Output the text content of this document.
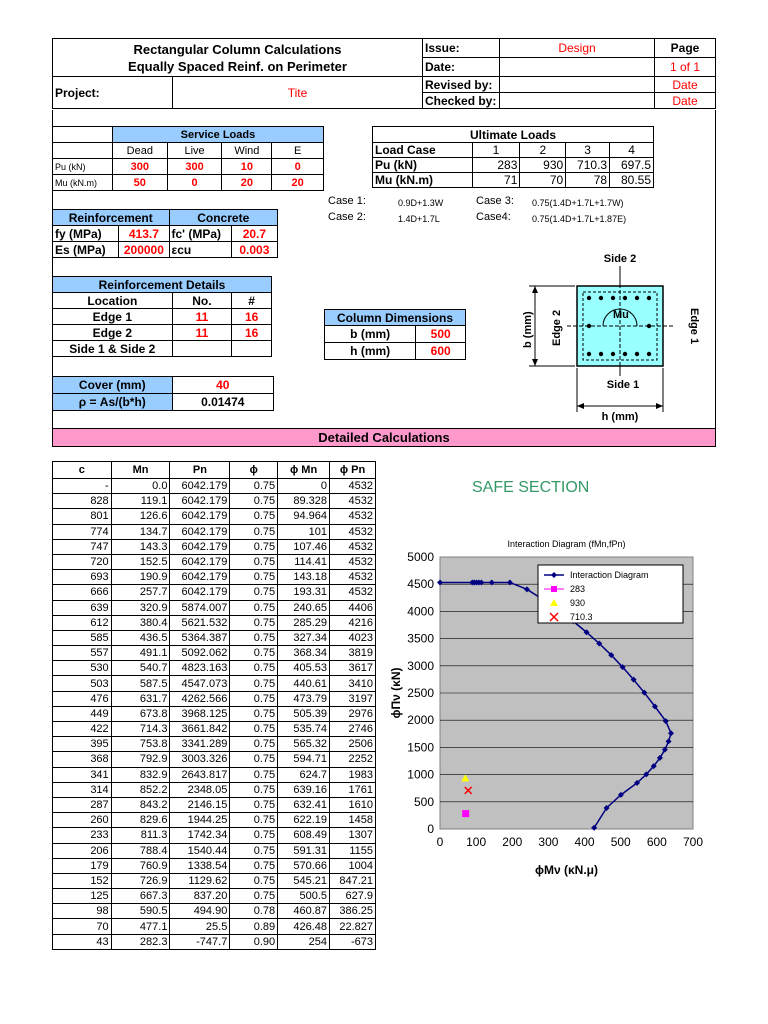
Rectangular Column Calculations
Equally Spaced Reinf. on Perimeter		Issue:	Design	Page
		Date:		1 of 1
Project:	Tite	Revised by:		Date
		Checked by:		Date
	Service Loads			
	Dead	Live	Wind	E
Pu (kN)	300	300	10	0
Mu (kN.m)	50	0	20	20
Ultimate Loads				
Load Case	1	2	3	4
Pu (kN)	283	930	710.3	697.5
Mu (kN.m)	71	70	78	80.55
Case 1:	0.9D+1.3W
Case 2:	1.4D+1.7L
Case 3: 0.75(1.4D+1.7L+1.7W)
Case4: 0.75(1.4D+1.7L+1.87E)
Reinforcement		Concrete	
fy (MPa)	413.7	fc' (MPa)	20.7
Es (MPa)	200000	εcu	0.003
Reinforcement Details		
Location	No.	#
Edge 1	11	16
Edge 2	11	16
Side 1 & Side 2		
Column Dimensions	
b (mm)	500
h (mm)	600
Cover (mm)	40
ρ = As/(b*h)	0.01474
Side 2
Mu
Edge 2	Edge 1
b (mm)
Side 1
h (mm)
Detailed Calculations
c	Mn	Pn	ϕ	ϕ Mn	ϕ Pn
-	0.0	6042.179	0.75	0	4532
828	119.1	6042.179	0.75	89.328	4532
801	126.6	6042.179	0.75	94.964	4532
774	134.7	6042.179	0.75	101	4532
747	143.3	6042.179	0.75	107.46	4532
720	152.5	6042.179	0.75	114.41	4532
693	190.9	6042.179	0.75	143.18	4532
666	257.7	6042.179	0.75	193.31	4532
639	320.9	5874.007	0.75	240.65	4406
612	380.4	5621.532	0.75	285.29	4216
585	436.5	5364.387	0.75	327.34	4023
557	491.1	5092.062	0.75	368.34	3819
530	540.7	4823.163	0.75	405.53	3617
503	587.5	4547.073	0.75	440.61	3410
476	631.7	4262.566	0.75	473.79	3197
449	673.8	3968.125	0.75	505.39	2976
422	714.3	3661.842	0.75	535.74	2746
395	753.8	3341.289	0.75	565.32	2506
368	792.9	3003.326	0.75	594.71	2252
341	832.9	2643.817	0.75	624.7	1983
314	852.2	2348.05	0.75	639.16	1761
287	843.2	2146.15	0.75	632.41	1610
260	829.6	1944.25	0.75	622.19	1458
233	811.3	1742.34	0.75	608.49	1307
206	788.4	1540.44	0.75	591.31	1155
179	760.9	1338.54	0.75	570.66	1004
152	726.9	1129.62	0.75	545.21	847.21
125	667.3	837.20	0.75	500.5	627.9
98	590.5	494.90	0.78	460.87	386.25
70	477.1	25.5	0.89	426.48	22.827
43	282.3	-747.7	0.90	254	-673
SAFE SECTION
Interaction Diagram (fMn,fPn)
0
500
1000
1500
2000
2500
3000
3500
4000
4500
5000
0 100 200 300 400 500 600 700
ϕMν (κΝ.μ)
ϕΠν (κΝ)
Interaction Diagram
283
930
710.3
